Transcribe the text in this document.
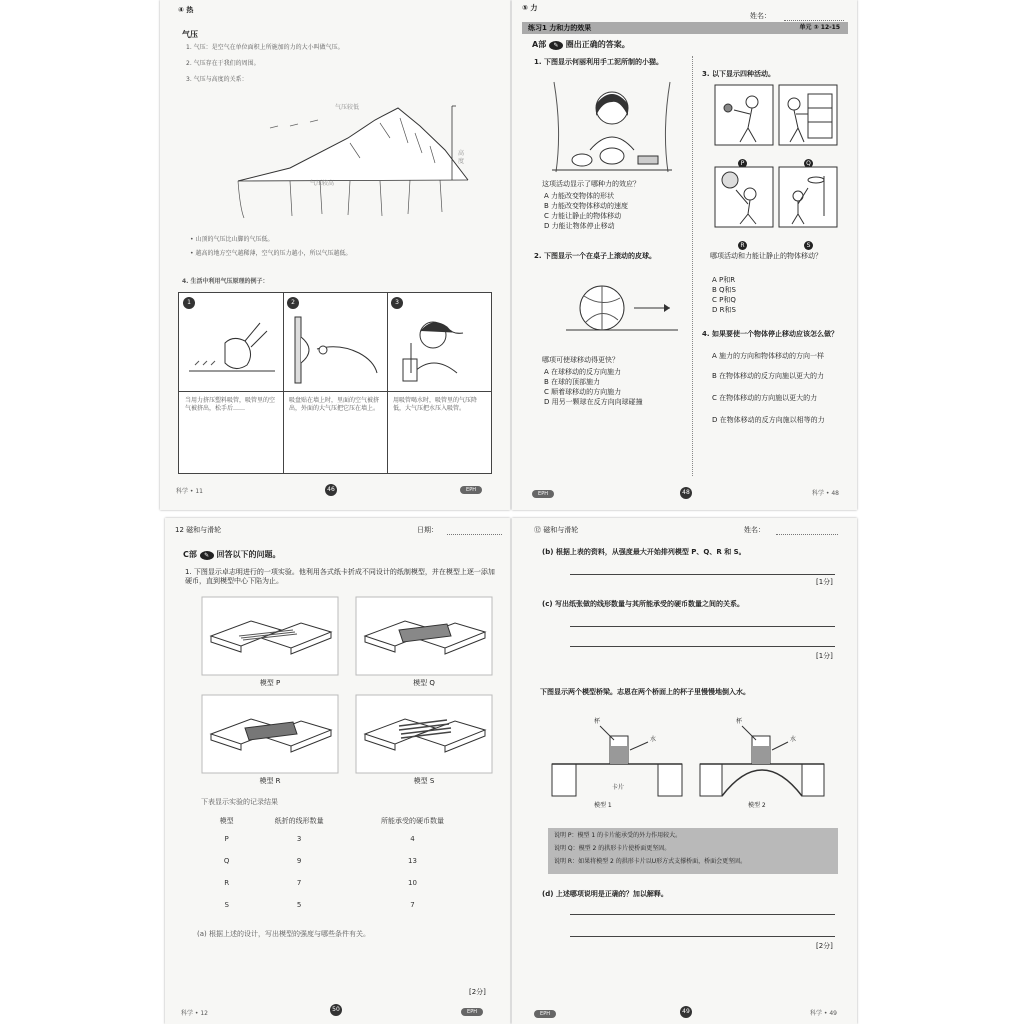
④ 热
气压
1. 气压：是空气在单位面积上所施加的力的大小叫做气压。
2. 气压存在于我们的周围。
3. 气压与高度的关系：
气压较低
气压较高
高度
• 山顶的气压比山脚的气压低。
• 越高的地方空气越稀薄，空气的压力越小，所以气压越低。
4. 生活中利用气压原理的例子：
1	2	3
当用力挤压塑料吸管，吸管里的空气被挤出，松手后……
吸盘贴在墙上时，里面的空气被挤出，外面的大气压把它压在墙上。
用吸管喝水时，吸管里的气压降低，大气压把水压入吸管。
科学 • 11	46	EPH
⑤ 力
姓名：
练习1 力和力的效果	单元 ③ 12-15
A部 ✎ 圈出正确的答案。
1. 下图显示何丽利用手工泥所制的小猫。
这项活动显示了哪种力的效应？
A 力能改变物体的形状
B 力能改变物体移动的速度
C 力能让静止的物体移动
D 力能让物体停止移动
2. 下图显示一个在桌子上滚动的皮球。
哪项可使球移动得更快？
A 在球移动的反方向施力
B 在球的顶部施力
C 顺着球移动的方向施力
D 用另一颗球在反方向向球碰撞
3. 以下显示四种活动。
P	Q
R	S
哪项活动和力能让静止的物体移动？
A P和R
B Q和S
C P和Q
D R和S
4. 如果要使一个物体停止移动应该怎么做？
A 施力的方向和物体移动的方向一样
B 在物体移动的反方向施以更大的力
C 在物体移动的方向施以更大的力
D 在物体移动的反方向施以相等的力
EPH	48	科学 • 48
12 磁和与滑轮	日期：
C部 ✎ 回答以下的问题。
1. 下图显示卓志明进行的一项实验。他利用各式纸卡折成不同设计的纸制模型，并在模型上逐一添加硬币，直到模型中心下陷为止。
模型 P	模型 Q
模型 R	模型 S
下表显示实验的记录结果
模型	纸折的线形数量	所能承受的硬币数量
P	3	4
Q	9	13
R	7	10
S	5	7
(a) 根据上述的设计，写出模型的强度与哪些条件有关。
[2分]
科学 • 12
50	EPH
⑫ 磁和与滑轮	姓名：
(b) 根据上表的资料，从强度最大开始排列模型 P、Q、R 和 S。
[1分]
(c) 写出纸张做的线形数量与其所能承受的硬币数量之间的关系。
[1分]
下图显示两个模型桥梁。志恩在两个桥面上的杯子里慢慢地倒入水。
杯	杯
水	水
卡片
模型 1	模型 2
说明 P：模型 1 的卡片能承受的外力作用较大。
说明 Q：模型 2 的拱形卡片使桥面更坚固。
说明 R：如果将模型 2 的拱形卡片以U形方式支撑桥面，桥面会更坚固。
(d) 上述哪项说明是正确的？加以解释。
[2分]
EPH	49	科学 • 49
